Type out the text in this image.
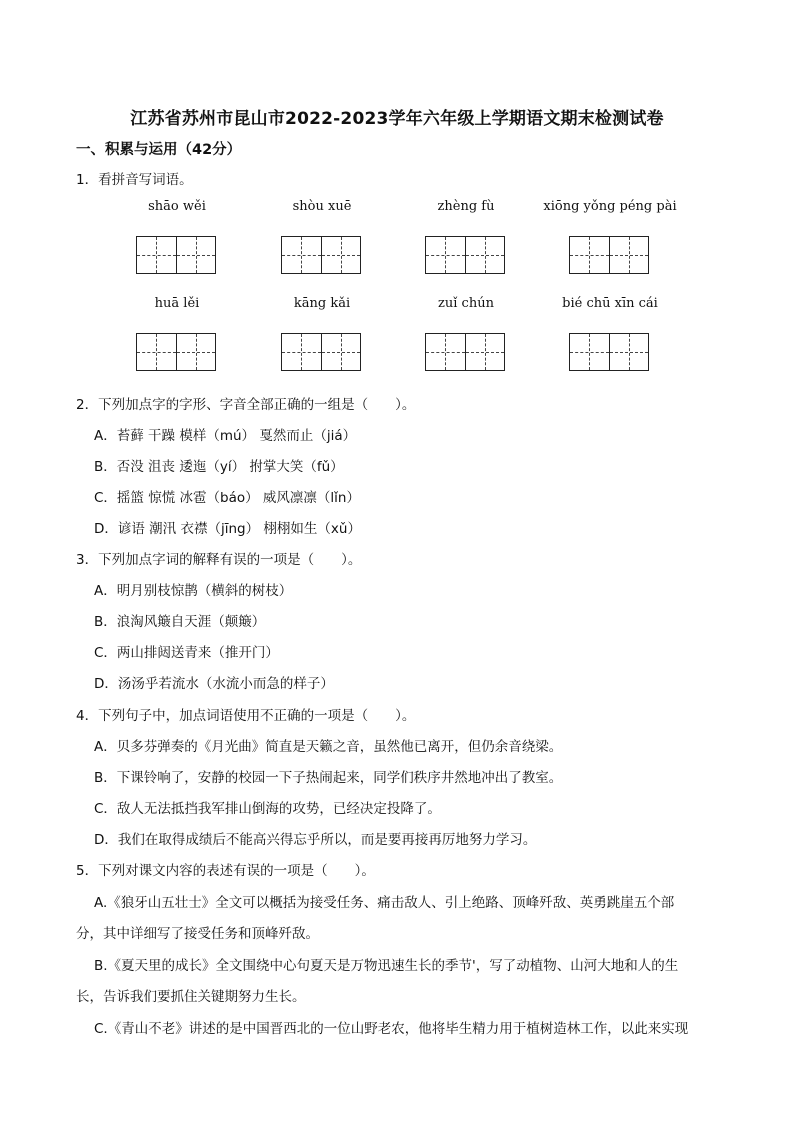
江苏省苏州市昆山市2022-2023学年六年级上学期语文期末检测试卷
一、积累与运用（42分）
1．看拼音写词语。
shāo wěi	shòu xuē	zhèng fù	xiōng yǒng péng pài
huā lěi	kāng kǎi	zuǐ chún	bié chū xīn cái
2．下列加点字的字形、字音全部正确的一组是（　　）。
A．苔藓 干躁 模样（mú） 戛然而止（jiá）
B．否没 沮丧 逶迤（yí） 拊掌大笑（fǔ）
C．摇篮 惊慌 冰雹（báo） 威风凛凛（lǐn）
D．谚语 潮汛 衣襟（jīng） 栩栩如生（xǔ）
3．下列加点字词的解释有误的一项是（　　）。
A．明月别枝惊鹊（横斜的树枝）
B．浪淘风簸自天涯（颠簸）
C．两山排闼送青来（推开门）
D．汤汤乎若流水（水流小而急的样子）
4．下列句子中，加点词语使用不正确的一项是（　　）。
A．贝多芬弹奏的《月光曲》简直是天籁之音，虽然他已离开，但仍余音绕梁。
B．下课铃响了，安静的校园一下子热闹起来，同学们秩序井然地冲出了教室。
C．敌人无法抵挡我军排山倒海的攻势，已经决定投降了。
D．我们在取得成绩后不能高兴得忘乎所以，而是要再接再厉地努力学习。
5．下列对课文内容的表述有误的一项是（　　）。
A.《狼牙山五壮士》全文可以概括为接受任务、痛击敌人、引上绝路、顶峰歼敌、英勇跳崖五个部
分，其中详细写了接受任务和顶峰歼敌。
B.《夏天里的成长》全文围绕中心句夏天是万物迅速生长的季节'，写了动植物、山河大地和人的生
长，告诉我们要抓住关键期努力生长。
C.《青山不老》讲述的是中国晋西北的一位山野老农，他将毕生精力用于植树造林工作，以此来实现
